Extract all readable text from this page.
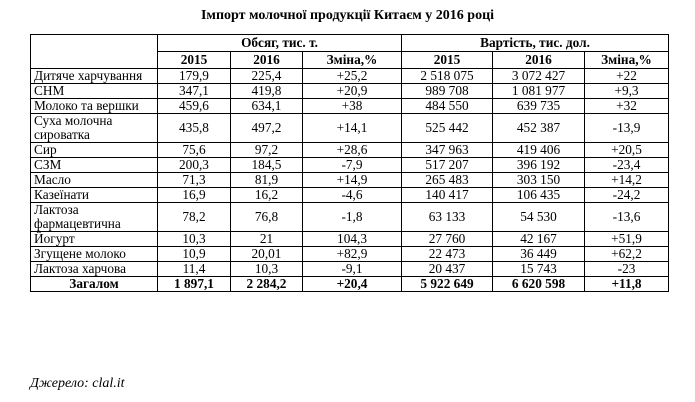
Імпорт молочної продукції Китаєм у 2016 році
	Обсяг, тис. т.			Вартість, тис. дол.		
	2015	2016	Зміна,%	2015	2016	Зміна,%
Дитяче харчування	179,9	225,4	+25,2	2 518 075	3 072 427	+22
СНМ	347,1	419,8	+20,9	989 708	1 081 977	+9,3
Молоко та вершки	459,6	634,1	+38	484 550	639 735	+32
Суха молочна сироватка	435,8	497,2	+14,1	525 442	452 387	-13,9
Сир	75,6	97,2	+28,6	347 963	419 406	+20,5
СЗМ	200,3	184,5	-7,9	517 207	396 192	-23,4
Масло	71,3	81,9	+14,9	265 483	303 150	+14,2
Казеїнати	16,9	16,2	-4,6	140 417	106 435	-24,2
Лактоза фармацевтична	78,2	76,8	-1,8	63 133	54 530	-13,6
Йогурт	10,3	21	104,3	27 760	42 167	+51,9
Згущене молоко	10,9	20,01	+82,9	22 473	36 449	+62,2
Лактоза харчова	11,4	10,3	-9,1	20 437	15 743	-23
Загалом	1 897,1	2 284,2	+20,4	5 922 649	6 620 598	+11,8
Джерело: clal.it
